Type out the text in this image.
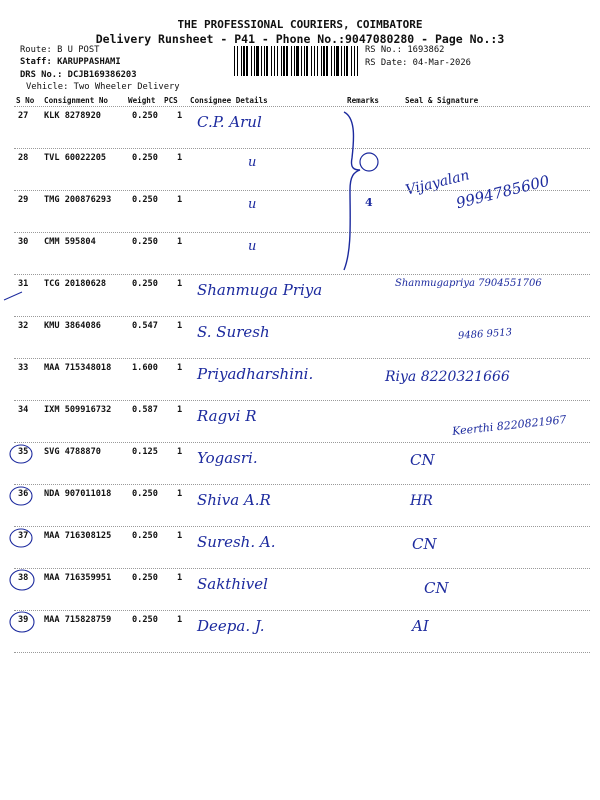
THE PROFESSIONAL COURIERS, COIMBATORE
Delivery Runsheet - P41 - Phone No.:9047080280 - Page No.:3
Route: B U POST
Staff: KARUPPASHAMI
DRS No.: DCJB169386203
Vehicle: Two Wheeler Delivery
RS No.: 1693862
RS Date: 04-Mar-2026
S No Consignment No	Weight PCS Consignee Details	Remarks	Seal & Signature
27 KLK 8278920	0.250 1 C.P. Arul
28 TVL 60022205	0.250 1	u
4
Vijayalan
29 TMG 200876293 0.250 1	u	9994785600
30 CMM 595804	0.250 1	u
31 TCG 20180628	0.250 1 Shanmuga Priya	Shanmugapriya 7904551706
32 KMU 3864086	0.547 1 S. Suresh	9486 9513
33 MAA 715348018 1.600 1 Priyadharshini.	Riya 8220321666
34 IXM 509916732 0.587 1 Ragvi R	Keerthi 8220821967
35 SVG 4788870	0.125 1 Yogasri.	CN
36 NDA 907011018 0.250 1 Shiva A.R	HR
37 MAA 716308125 0.250 1 Suresh. A.	CN
38 MAA 716359951 0.250 1 Sakthivel	CN
39 MAA 715828759 0.250 1 Deepa. J.	AI
